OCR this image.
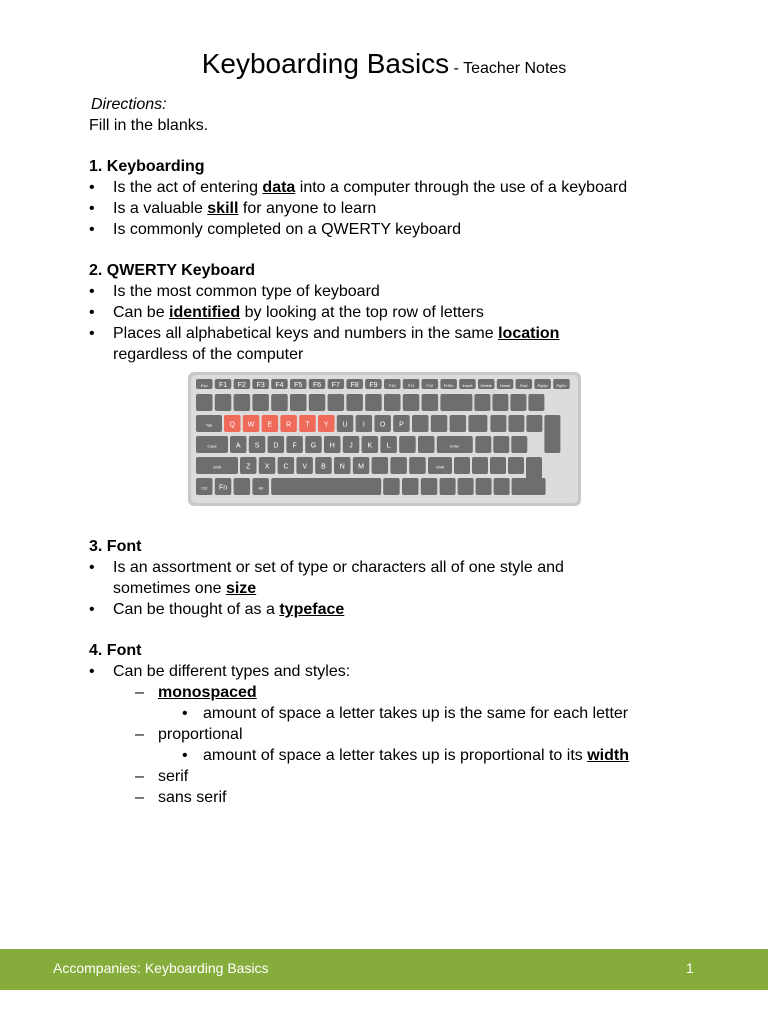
Keyboarding Basics - Teacher Notes
Directions:
Fill in the blanks.
1. Keyboarding
• Is the act of entering data into a computer through the use of a keyboard
• Is a valuable skill for anyone to learn
• Is commonly completed on a QWERTY keyboard
2. QWERTY Keyboard
• Is the most common type of keyboard
• Can be identified by looking at the top row of letters
• Places all alphabetical keys and numbers in the same location
regardless of the computer
Esc F1 F2 F3 F4 F5 F6 F7 F8 F9	F10	F11	F12	PrtSc Insert Delete Home End	PgUp PgDn
Tab Q W E R T Y U I O P
Caps	A S D F G H J K L	Enter
Shift	Z X C V B N M	Shift
Ctrl Fn	Alt
3. Font
• Is an assortment or set of type or characters all of one style and
sometimes one size
• Can be thought of as a typeface
4. Font
• Can be different types and styles:
– monospaced
• amount of space a letter takes up is the same for each letter
– proportional
• amount of space a letter takes up is proportional to its width
– serif
– sans serif
Accompanies: Keyboarding Basics	1
